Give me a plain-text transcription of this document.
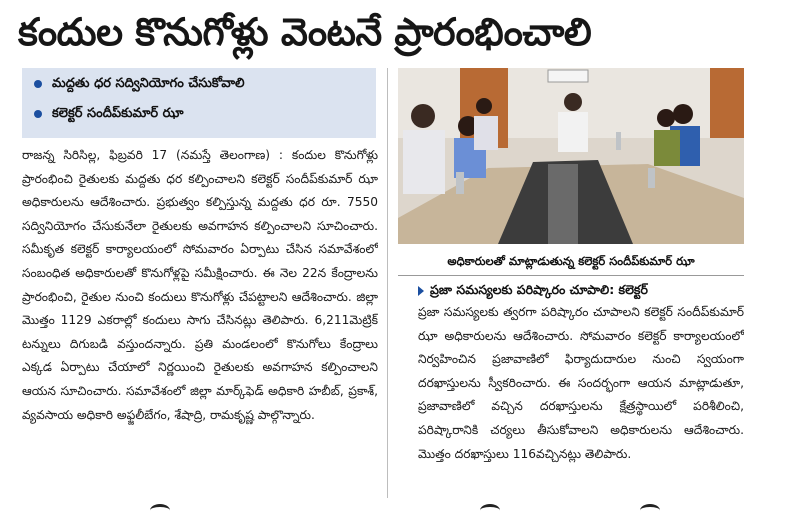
కందుల కొనుగోళ్లు వెంటనే ప్రారంభించాలి
మద్దతు ధర సద్వినియోగం చేసుకోవాలి
కలెక్టర్ సందీప్‌కుమార్ ఝా

రాజన్న సిరిసిల్ల, ఫిబ్రవరి 17 (నమస్తే తెలంగాణ) : కందుల కొనుగోళ్లు ప్రారంభించి రైతులకు మద్దతు ధర కల్పించాలని కలెక్టర్ సందీప్‌కుమార్ ఝా అధికారులను ఆదేశించారు. ప్రభుత్వం కల్పిస్తున్న మద్దతు ధర రూ. 7550 సద్వినియోగం చేసుకునేలా రైతులకు అవగాహన కల్పించాలని సూచించారు. సమీకృత కలెక్టర్ కార్యాలయంలో సోమవారం ఏర్పాటు చేసిన సమావేశంలో సంబంధిత అధికారులతో కొనుగోళ్లపై సమీక్షించారు. ఈ నెల 22న కేంద్రాలను ప్రారంభించి, రైతుల నుంచి కందులు కొనుగోళ్లు చేపట్టాలని ఆదేశించారు. జిల్లా మొత్తం 1129 ఎకరాల్లో కందులు సాగు చేసినట్లు తెలిపారు. 6,211మెట్రిక్ టన్నులు దిగుబడి వస్తుందన్నారు. ప్రతి మండలంలో కొనుగోలు కేంద్రాలు ఎక్కడ ఏర్పాటు చేయాలో నిర్ణయించి రైతులకు అవగాహన కల్పించాలని ఆయన సూచించారు. సమావేశంలో జిల్లా మార్క్‌ఫెడ్ అధికారి హబీబ్, ప్రకాశ్, వ్యవసాయ అధికారి అఫ్జలీబేగం, శేషాద్రి, రామకృష్ణ పాల్గొన్నారు.

అధికారులతో మాట్లాడుతున్న కలెక్టర్ సందీప్‌కుమార్ ఝా
ప్రజా సమస్యలకు పరిష్కారం చూపాలి: కలెక్టర్

ప్రజా సమస్యలకు త్వరగా పరిష్కారం చూపాలని కలెక్టర్ సందీప్‌కుమార్ ఝా అధికారులను ఆదేశించారు. సోమవారం కలెక్టర్ కార్యాలయంలో నిర్వహించిన ప్రజావాణిలో ఫిర్యాదుదారుల నుంచి స్వయంగా దరఖాస్తులను స్వీకరించారు. ఈ సందర్భంగా ఆయన మాట్లాడుతూ, ప్రజావాణిలో వచ్చిన దరఖాస్తులను క్షేత్రస్థాయిలో పరిశీలించి, పరిష్కారానికి చర్యలు తీసుకోవాలని అధికారులను ఆదేశించారు. మొత్తం దరఖాస్తులు 116వచ్చినట్లు తెలిపారు.
